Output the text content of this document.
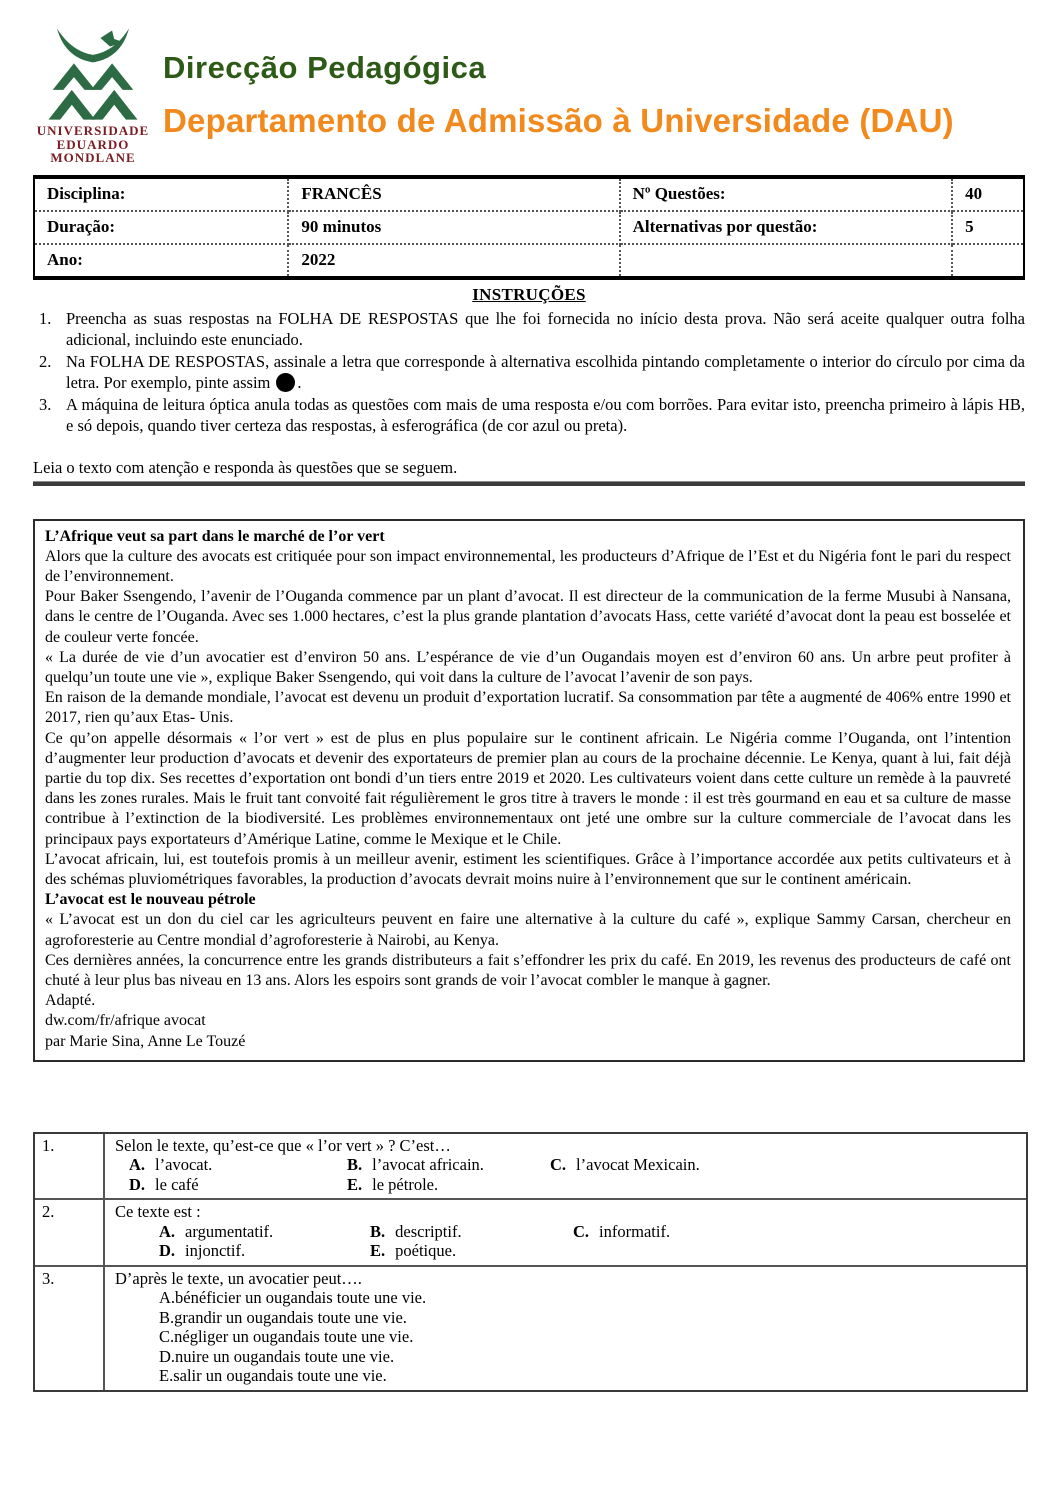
UNIVERSIDADE
EDUARDO
MONDLANE
Direcção Pedagógica
Departamento de Admissão à Universidade (DAU)
Disciplina:	FRANCÊS	Nº Questões:	40
Duração:	90 minutos	Alternativas por questão:	5
Ano:	2022		
INSTRUÇÕES
1. Preencha as suas respostas na FOLHA DE RESPOSTAS que lhe foi fornecida no início desta prova. Não será aceite qualquer outra folha adicional, incluindo este enunciado.
2. Na FOLHA DE RESPOSTAS, assinale a letra que corresponde à alternativa escolhida pintando completamente o interior do círculo por cima da letra. Por exemplo, pinte assim .
3. A máquina de leitura óptica anula todas as questões com mais de uma resposta e/ou com borrões. Para evitar isto, preencha primeiro à lápis HB, e só depois, quando tiver certeza das respostas, à esferográfica (de cor azul ou preta).
Leia o texto com atenção e responda às questões que se seguem.

L’Afrique veut sa part dans le marché de l’or vert

Alors que la culture des avocats est critiquée pour son impact environnemental, les producteurs d’Afrique de l’Est et du Nigéria font le pari du respect de l’environnement.

Pour Baker Ssengendo, l’avenir de l’Ouganda commence par un plant d’avocat. Il est directeur de la communication de la ferme Musubi à Nansana, dans le centre de l’Ouganda. Avec ses 1.000 hectares, c’est la plus grande plantation d’avocats Hass, cette variété d’avocat dont la peau est bosselée et de couleur verte foncée.

« La durée de vie d’un avocatier est d’environ 50 ans. L’espérance de vie d’un Ougandais moyen est d’environ 60 ans. Un arbre peut profiter à quelqu’un toute une vie », explique Baker Ssengendo, qui voit dans la culture de l’avocat l’avenir de son pays.

En raison de la demande mondiale, l’avocat est devenu un produit d’exportation lucratif. Sa consommation par tête a augmenté de 406% entre 1990 et 2017, rien qu’aux Etas- Unis.

Ce qu’on appelle désormais « l’or vert » est de plus en plus populaire sur le continent africain. Le Nigéria comme l’Ouganda, ont l’intention d’augmenter leur production d’avocats et devenir des exportateurs de premier plan au cours de la prochaine décennie. Le Kenya, quant à lui, fait déjà partie du top dix. Ses recettes d’exportation ont bondi d’un tiers entre 2019 et 2020. Les cultivateurs voient dans cette culture un remède à la pauvreté dans les zones rurales. Mais le fruit tant convoité fait régulièrement le gros titre à travers le monde : il est très gourmand en eau et sa culture de masse contribue à l’extinction de la biodiversité. Les problèmes environnementaux ont jeté une ombre sur la culture commerciale de l’avocat dans les principaux pays exportateurs d’Amérique Latine, comme le Mexique et le Chile.

L’avocat africain, lui, est toutefois promis à un meilleur avenir, estiment les scientifiques. Grâce à l’importance accordée aux petits cultivateurs et à des schémas pluviométriques favorables, la production d’avocats devrait moins nuire à l’environnement que sur le continent américain.

L’avocat est le nouveau pétrole

« L’avocat est un don du ciel car les agriculteurs peuvent en faire une alternative à la culture du café », explique Sammy Carsan, chercheur en agroforesterie au Centre mondial d’agroforesterie à Nairobi, au Kenya.

Ces dernières années, la concurrence entre les grands distributeurs a fait s’effondrer les prix du café. En 2019, les revenus des producteurs de café ont chuté à leur plus bas niveau en 13 ans. Alors les espoirs sont grands de voir l’avocat combler le manque à gagner.

Adapté.

dw.com/fr/afrique avocat

par Marie Sina, Anne Le Touzé

1.	Selon le texte, qu’est-ce que « l’or vert » ? C’est…

A. l’avocat.	B. l’avocat africain.	C. l’avocat Mexicain.
D. le café	E. le pétrole.
2.	Ce texte est :

A. argumentatif.	B. descriptif.	C. informatif.
D. injonctif.	E. poétique.
3.	D’après le texte, un avocatier peut….

A. bénéficier un ougandais toute une vie.
B. grandir un ougandais toute une vie.
C. négliger un ougandais toute une vie.
D. nuire un ougandais toute une vie.
E. salir un ougandais toute une vie.
